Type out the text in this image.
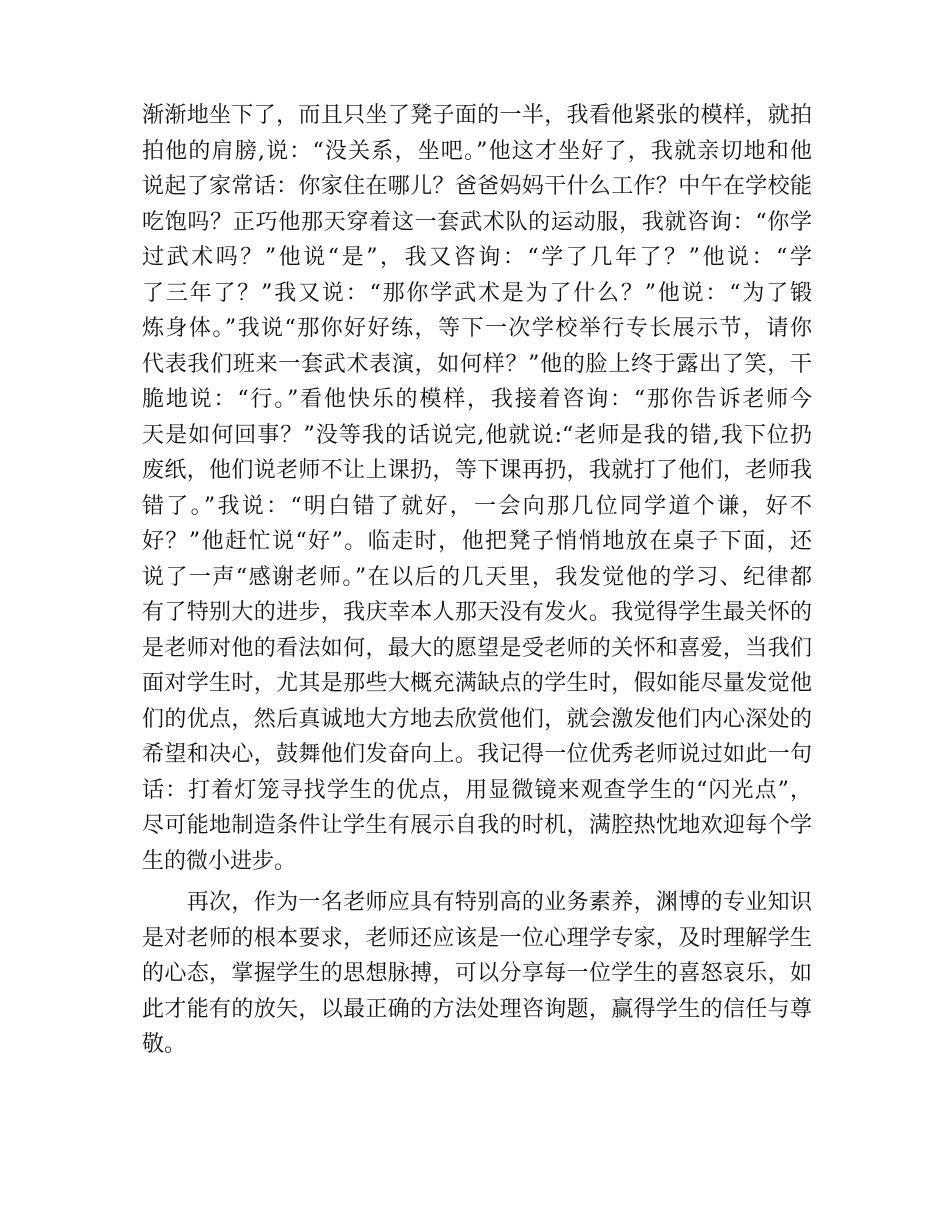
渐渐地坐下了，而且只坐了凳子面的一半，我看他紧张的模样，就拍
拍他的肩膀,说：“没关系，坐吧。”他这才坐好了，我就亲切地和他
说起了家常话：你家住在哪儿？爸爸妈妈干什么工作？中午在学校能
吃饱吗？正巧他那天穿着这一套武术队的运动服，我就咨询：“你学
过武术吗？”他说“是”，我又咨询：“学了几年了？”他说：“学
了三年了？”我又说：“那你学武术是为了什么？”他说：“为了锻
炼身体。”我说“那你好好练，等下一次学校举行专长展示节，请你
代表我们班来一套武术表演，如何样？”他的脸上终于露出了笑，干
脆地说：“行。”看他快乐的模样，我接着咨询：“那你告诉老师今
天是如何回事？”没等我的话说完,他就说:“老师是我的错,我下位扔
废纸，他们说老师不让上课扔，等下课再扔，我就打了他们，老师我
错了。”我说：“明白错了就好，一会向那几位同学道个谦，好不
好？”他赶忙说“好”。临走时，他把凳子悄悄地放在桌子下面，还
说了一声“感谢老师。”在以后的几天里，我发觉他的学习、纪律都
有了特别大的进步，我庆幸本人那天没有发火。我觉得学生最关怀的
是老师对他的看法如何，最大的愿望是受老师的关怀和喜爱，当我们
面对学生时，尤其是那些大概充满缺点的学生时，假如能尽量发觉他
们的优点，然后真诚地大方地去欣赏他们，就会激发他们内心深处的
希望和决心，鼓舞他们发奋向上。我记得一位优秀老师说过如此一句
话：打着灯笼寻找学生的优点，用显微镜来观查学生的“闪光点”，
尽可能地制造条件让学生有展示自我的时机，满腔热忱地欢迎每个学
生的微小进步。
　　再次，作为一名老师应具有特别高的业务素养，渊博的专业知识
是对老师的根本要求，老师还应该是一位心理学专家，及时理解学生
的心态，掌握学生的思想脉搏，可以分享每一位学生的喜怒哀乐，如
此才能有的放矢，以最正确的方法处理咨询题，赢得学生的信任与尊
敬。
